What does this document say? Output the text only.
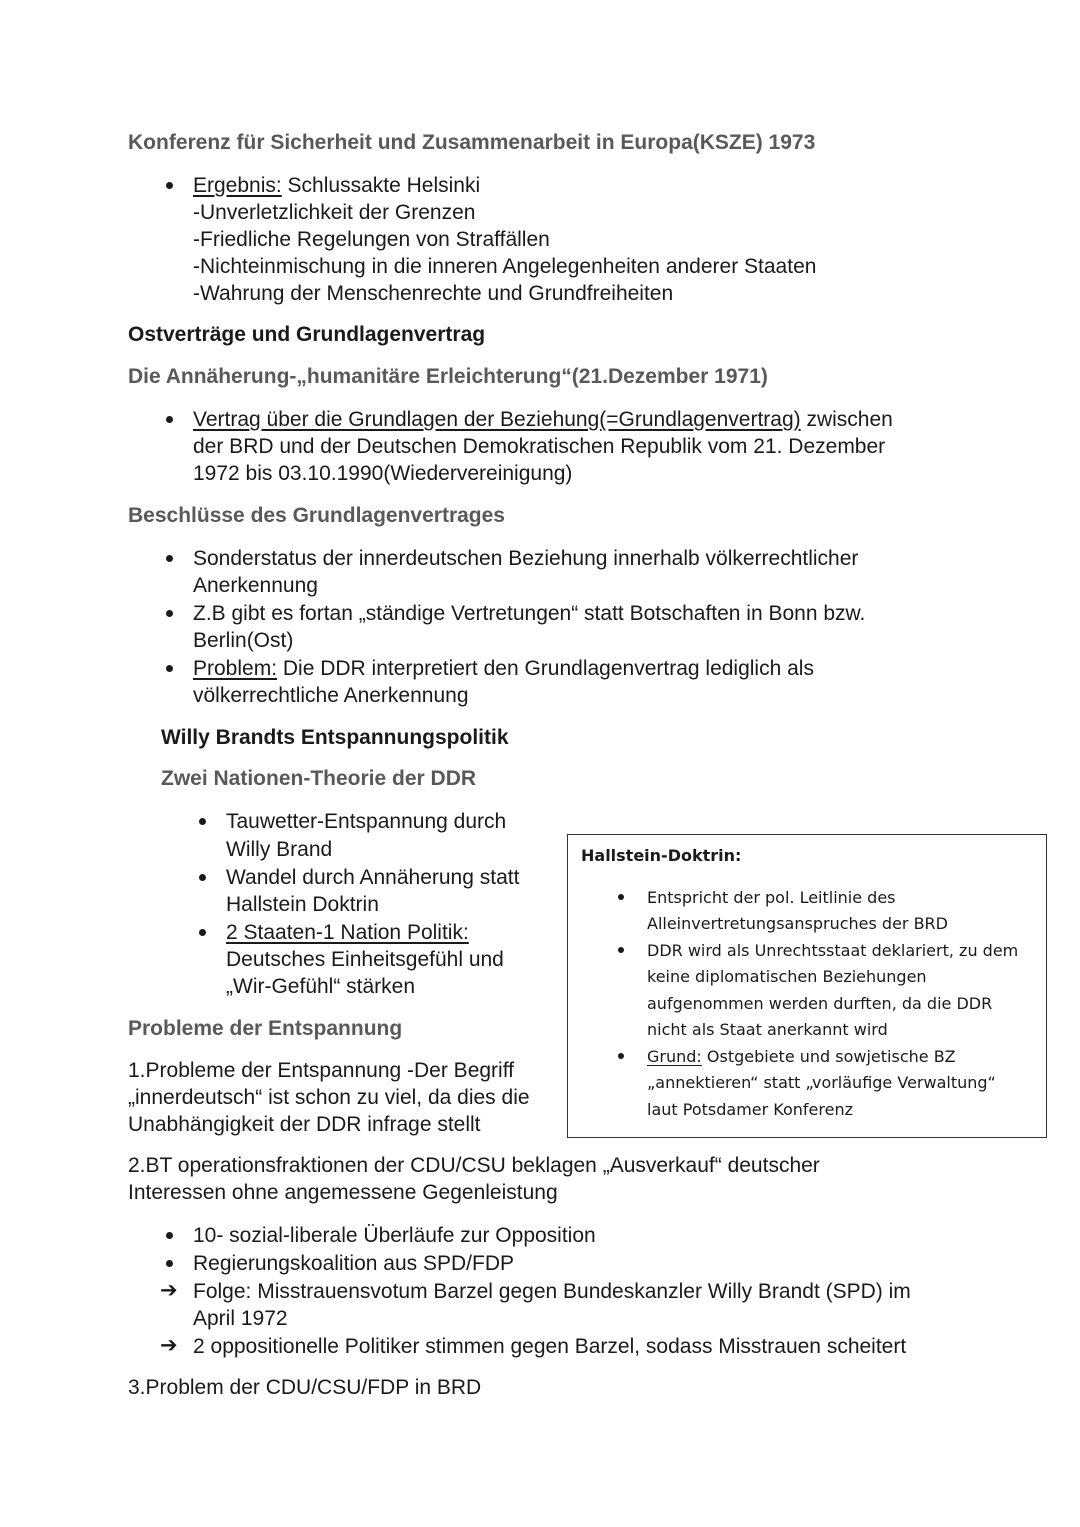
Konferenz für Sicherheit und Zusammenarbeit in Europa(KSZE) 1973
Ergebnis: Schlussakte Helsinki
-Unverletzlichkeit der Grenzen
-Friedliche Regelungen von Straffällen
-Nichteinmischung in die inneren Angelegenheiten anderer Staaten
-Wahrung der Menschenrechte und Grundfreiheiten
Ostverträge und Grundlagenvertrag
Die Annäherung-„humanitäre Erleichterung“(21.Dezember 1971)
Vertrag über die Grundlagen der Beziehung(=Grundlagenvertrag) zwischen
der BRD und der Deutschen Demokratischen Republik vom 21. Dezember
1972 bis 03.10.1990(Wiedervereinigung)
Beschlüsse des Grundlagenvertrages
Sonderstatus der innerdeutschen Beziehung innerhalb völkerrechtlicher
Anerkennung
Z.B gibt es fortan „ständige Vertretungen“ statt Botschaften in Bonn bzw.
Berlin(Ost)
Problem: Die DDR interpretiert den Grundlagenvertrag lediglich als
völkerrechtliche Anerkennung
Willy Brandts Entspannungspolitik
Zwei Nationen-Theorie der DDR
Tauwetter-Entspannung durch
Willy Brand
Wandel durch Annäherung statt
Hallstein Doktrin
2 Staaten-1 Nation Politik:
Deutsches Einheitsgefühl und
„Wir-Gefühl“ stärken
Hallstein-Doktrin:
Entspricht der pol. Leitlinie des
Alleinvertretungsanspruches der BRD
DDR wird als Unrechtsstaat deklariert, zu dem
keine diplomatischen Beziehungen
aufgenommen werden durften, da die DDR
nicht als Staat anerkannt wird
Grund: Ostgebiete und sowjetische BZ
„annektieren“ statt „vorläufige Verwaltung“
laut Potsdamer Konferenz
Probleme der Entspannung
1.Probleme der Entspannung -Der Begriff
„innerdeutsch“ ist schon zu viel, da dies die
Unabhängigkeit der DDR infrage stellt
2.BT operationsfraktionen der CDU/CSU beklagen „Ausverkauf“ deutscher
Interessen ohne angemessene Gegenleistung
10- sozial-liberale Überläufe zur Opposition
Regierungskoalition aus SPD/FDP
➔ Folge: Misstrauensvotum Barzel gegen Bundeskanzler Willy Brandt (SPD) im
April 1972
➔ 2 oppositionelle Politiker stimmen gegen Barzel, sodass Misstrauen scheitert
3.Problem der CDU/CSU/FDP in BRD
